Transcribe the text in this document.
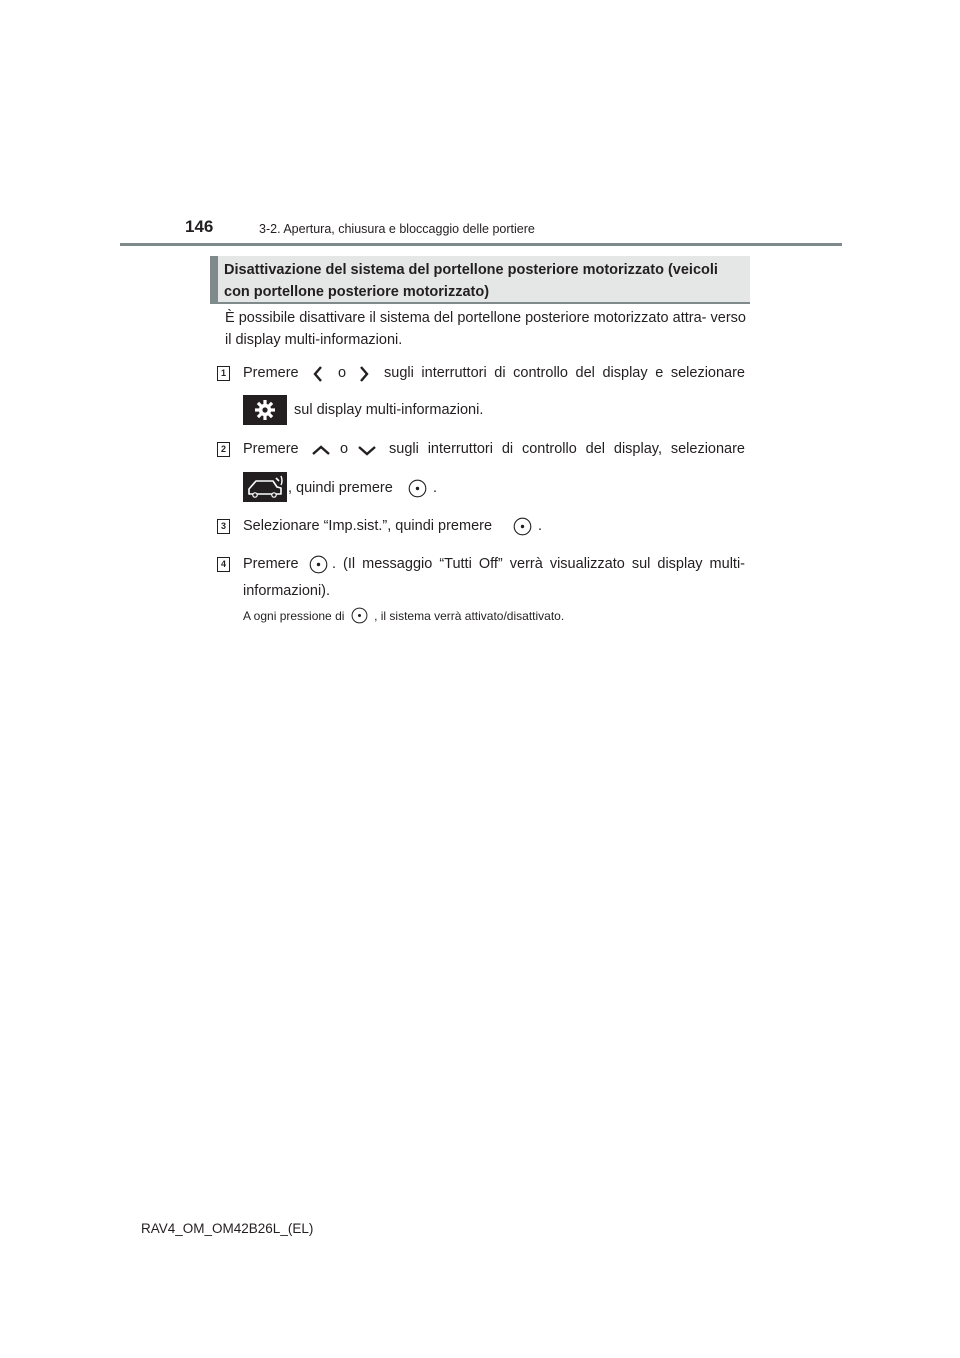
146	3-2. Apertura, chiusura e bloccaggio delle portiere
Disattivazione del sistema del portellone posteriore motorizzato (veicoli con portellone posteriore motorizzato)
È possibile disattivare il sistema del portellone posteriore motorizzato attra- verso il display multi-informazioni.
1 Premere	o	sugli interruttori di controllo del display e selezionare
sul display multi-informazioni.
2 Premere	o	sugli interruttori di controllo del display, selezionare
, quindi premere	.
3 Selezionare “Imp.sist.”, quindi premere	.
4 Premere . (Il messaggio “Tutti Off” verrà visualizzato sul display multi-
informazioni).
A ogni pressione di , il sistema verrà attivato/disattivato.
RAV4_OM_OM42B26L_(EL)
